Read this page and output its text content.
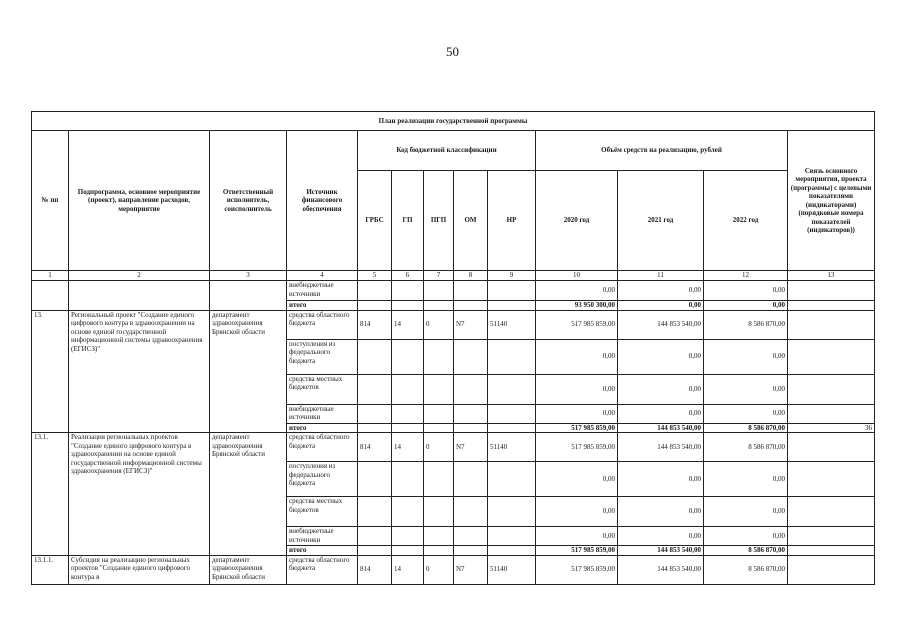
50
План реализации государственной программы												
№ пп	Подпрограмма, основное мероприятие (проект), направление расходов, мероприятие	Ответственный исполнитель, соисполнитель	Источник финансового обеспечения	Код бюджетной классификации					Объём средств на реализацию, рублей			Связь основного мероприятия, проекта (программы) с целевыми показателями (индикаторами) (порядковые номера показателей (индикаторов))
				ГРБС	ГП	ПГП	ОМ	НР	2020 год	2021 год	2022 год	
1	2	3	4	5	6	7	8	9	10	11	12	13
			внебюджетные источники						0,00	0,00	0,00	
			итого						93 950 300,00	0,00	0,00	
13.	Региональный проект "Создание единого цифрового контура в здравоохранении на основе единой государственной информационной системы здравоохранения (ЕГИСЗ)"	департамент здравоохранения Брянской области	средства областного бюджета	814	14	0	N7	51140	517 985 859,00	144 853 540,00	8 586 870,00	
			поступления из федерального бюджета						0,00	0,00	0,00	
			средства местных бюджетов						0,00	0,00	0,00	
			внебюджетные источники						0,00	0,00	0,00	
			итого						517 985 859,00	144 853 540,00	8 586 870,00	36
13.1.	Реализация региональных проектов "Создание единого цифрового контура в здравоохранении на основе единой государственной информационной системы здравоохранения (ЕГИСЗ)"	департамент здравоохранения Брянской области	средства областного бюджета	814	14	0	N7	51140	517 985 859,00	144 853 540,00	8 586 870,00	
			поступления из федерального бюджета						0,00	0,00	0,00	
			средства местных бюджетов						0,00	0,00	0,00	
			внебюджетные источники						0,00	0,00	0,00	
			итого						517 985 859,00	144 853 540,00	8 586 870,00	
13.1.1.	Субсидия на реализацию региональных проектов "Создание единого цифрового контура в	департамент здравоохранения Брянской области	средства областного бюджета	814	14	0	N7	51140	517 985 859,00	144 853 540,00	8 586 870,00	
